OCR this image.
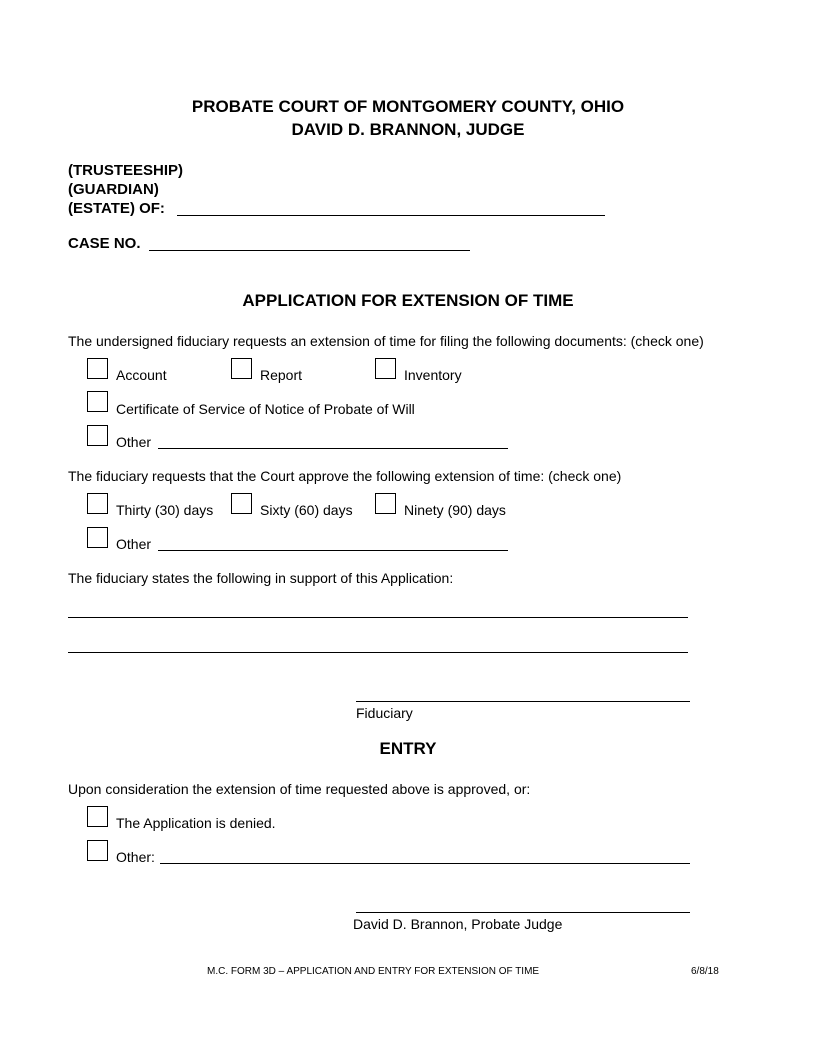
PROBATE COURT OF MONTGOMERY COUNTY, OHIO
DAVID D. BRANNON, JUDGE
(TRUSTEESHIP)
(GUARDIAN)
(ESTATE) OF:
CASE NO.
APPLICATION FOR EXTENSION OF TIME
The undersigned fiduciary requests an extension of time for filing the following documents: (check one)
Account	Report	Inventory
Certificate of Service of Notice of Probate of Will
Other
The fiduciary requests that the Court approve the following extension of time: (check one)
Thirty (30) days	Sixty (60) days	Ninety (90) days
Other
The fiduciary states the following in support of this Application:
Fiduciary
ENTRY
Upon consideration the extension of time requested above is approved, or:
The Application is denied.
Other:
David D. Brannon, Probate Judge
M.C. FORM 3D – APPLICATION AND ENTRY FOR EXTENSION OF TIME	6/8/18
